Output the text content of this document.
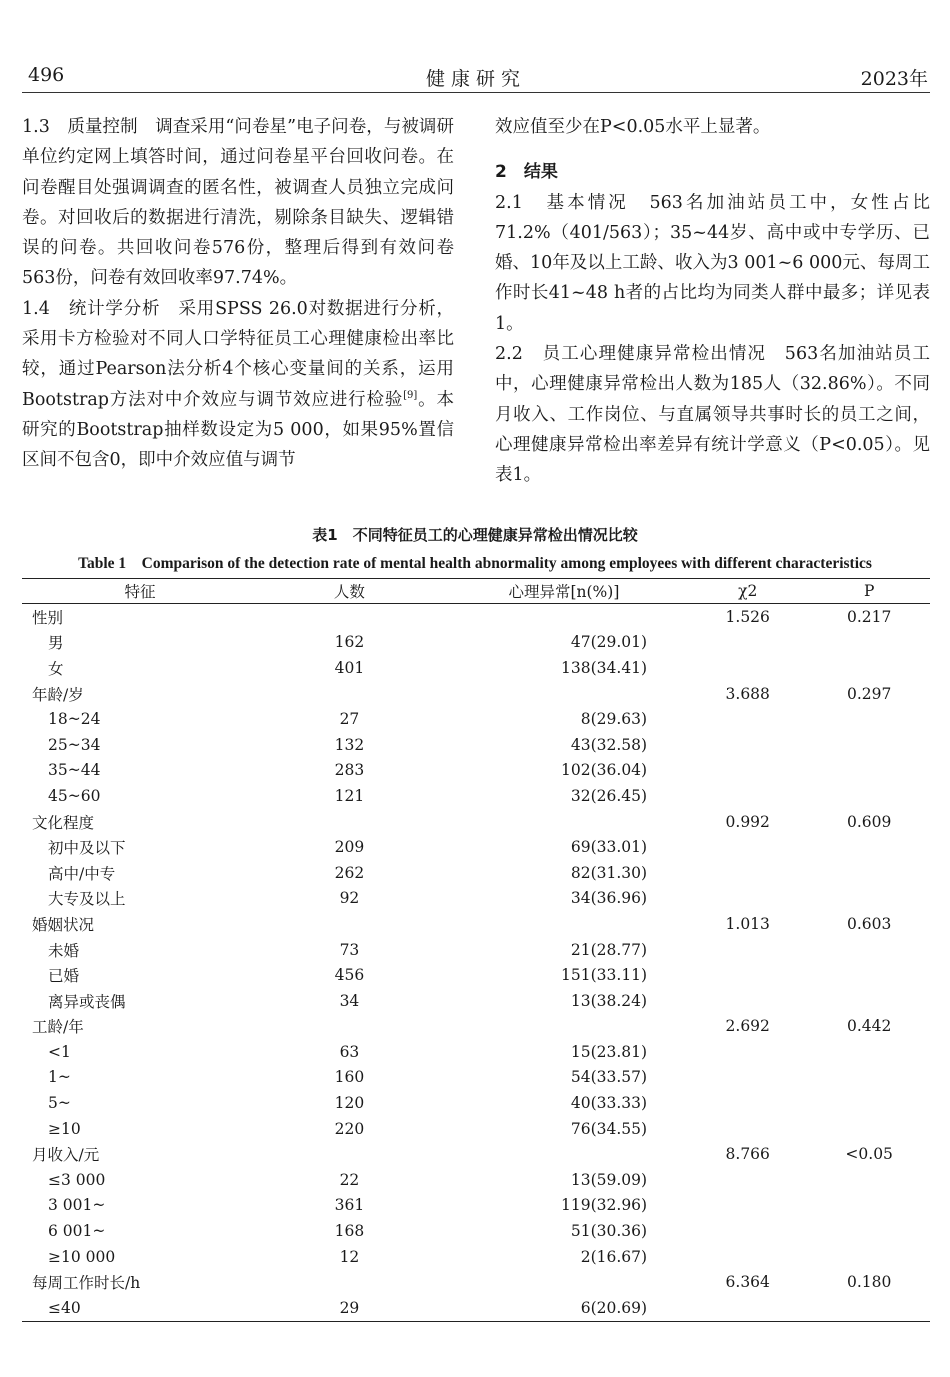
496	健康研究	2023年

1.3　质量控制　调查采用“问卷星”电子问卷，与被调研单位约定网上填答时间，通过问卷星平台回收问卷。在问卷醒目处强调调查的匿名性，被调查人员独立完成问卷。对回收后的数据进行清洗，剔除条目缺失、逻辑错误的问卷。共回收问卷576份，整理后得到有效问卷563份，问卷有效回收率97.74%。

1.4　统计学分析　采用SPSS 26.0对数据进行分析，采用卡方检验对不同人口学特征员工心理健康检出率比较，通过Pearson法分析4个核心变量间的关系，运用Bootstrap方法对中介效应与调节效应进行检验[9]。本研究的Bootstrap抽样数设定为5 000，如果95%置信区间不包含0，即中介效应值与调节

效应值至少在P<0.05水平上显著。

2　结果

2.1　基本情况　563名加油站员工中，女性占比71.2%（401/563）；35~44岁、高中或中专学历、已婚、10年及以上工龄、收入为3 001~6 000元、每周工作时长41~48 h者的占比均为同类人群中最多；详见表1。

2.2　员工心理健康异常检出情况　563名加油站员工中，心理健康异常检出人数为185人（32.86%）。不同月收入、工作岗位、与直属领导共事时长的员工之间，心理健康异常检出率差异有统计学意义（P<0.05）。见表1。

表1　不同特征员工的心理健康异常检出情况比较
Table 1　Comparison of the detection rate of mental health abnormality among employees with different characteristics
特征	人数	心理异常[n(%)]	χ2	P
性别			1.526	0.217
男	162	47(29.01)		
女	401	138(34.41)		
年龄/岁			3.688	0.297
18~24	27	8(29.63)		
25~34	132	43(32.58)		
35~44	283	102(36.04)		
45~60	121	32(26.45)		
文化程度			0.992	0.609
初中及以下	209	69(33.01)		
高中/中专	262	82(31.30)		
大专及以上	92	34(36.96)		
婚姻状况			1.013	0.603
未婚	73	21(28.77)		
已婚	456	151(33.11)		
离异或丧偶	34	13(38.24)		
工龄/年			2.692	0.442
<1	63	15(23.81)		
1~	160	54(33.57)		
5~	120	40(33.33)		
≥10	220	76(34.55)		
月收入/元			8.766	<0.05
≤3 000	22	13(59.09)		
3 001~	361	119(32.96)		
6 001~	168	51(30.36)		
≥10 000	12	2(16.67)		
每周工作时长/h			6.364	0.180
≤40	29	6(20.69)		
